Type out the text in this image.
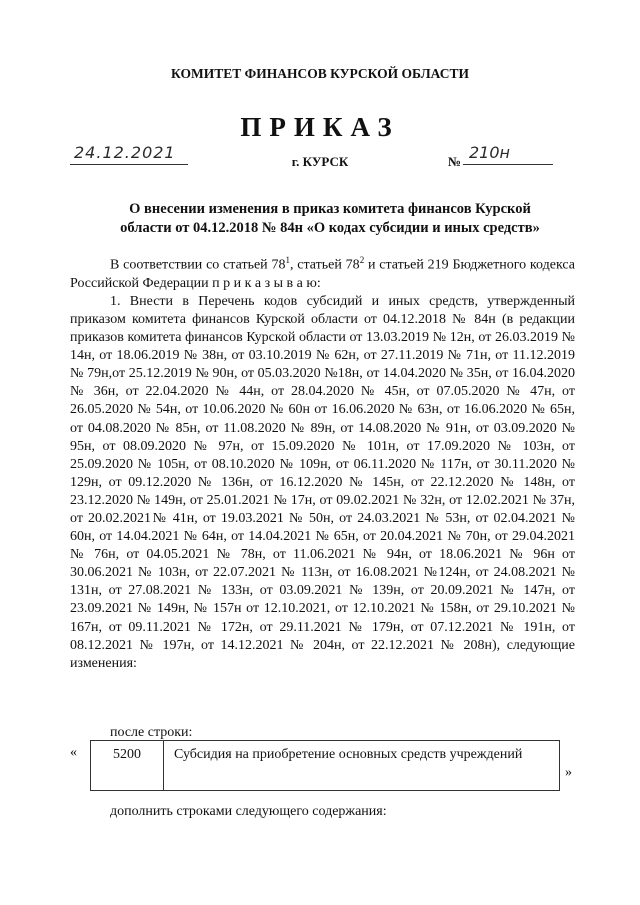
КОМИТЕТ ФИНАНСОВ КУРСКОЙ ОБЛАСТИ
ПРИКАЗ
24.12.2021	г. КУРСК	№ 210н
О внесении изменения в приказ комитета финансов Курской
области от 04.12.2018 № 84н «О кодах субсидии и иных средств»

В соответствии со статьей $78^1$, статьей $78^2$ и статьей 219 Бюджетного кодекса Российской Федерации п р и к а з ы в а ю:

1. Внести в Перечень кодов субсидий и иных средств, утвержденный приказом комитета финансов Курской области от 04.12.2018 № 84н (в редакции приказов комитета финансов Курской области от 13.03.2019 № 12н, от 26.03.2019 № 14н, от 18.06.2019 № 38н, от 03.10.2019 № 62н, от 27.11.2019 № 71н, от 11.12.2019 № 79н,от 25.12.2019 № 90н, от 05.03.2020 №18н, от 14.04.2020 № 35н, от 16.04.2020 № 36н, от 22.04.2020 № 44н, от 28.04.2020 № 45н, от 07.05.2020 № 47н, от 26.05.2020 № 54н, от 10.06.2020 № 60н от 16.06.2020 № 63н, от 16.06.2020 № 65н, от 04.08.2020 № 85н, от 11.08.2020 № 89н, от 14.08.2020 № 91н, от 03.09.2020 № 95н, от 08.09.2020 № 97н, от 15.09.2020 № 101н, от 17.09.2020 № 103н, от 25.09.2020 № 105н, от 08.10.2020 № 109н, от 06.11.2020 № 117н, от 30.11.2020 № 129н, от 09.12.2020 № 136н, от 16.12.2020 № 145н, от 22.12.2020 № 148н, от 23.12.2020 № 149н, от 25.01.2021 № 17н, от 09.02.2021 № 32н, от 12.02.2021 № 37н, от 20.02.2021№ 41н, от 19.03.2021 № 50н, от 24.03.2021 № 53н, от 02.04.2021 № 60н, от 14.04.2021 № 64н, от 14.04.2021 № 65н, от 20.04.2021 № 70н, от 29.04.2021 № 76н, от 04.05.2021 № 78н, от 11.06.2021 № 94н, от 18.06.2021 № 96н от 30.06.2021 № 103н, от 22.07.2021 № 113н, от 16.08.2021 №124н, от 24.08.2021 № 131н, от 27.08.2021 № 133н, от 03.09.2021 № 139н, от 20.09.2021 № 147н, от 23.09.2021 № 149н, № 157н от 12.10.2021, от 12.10.2021 № 158н, от 29.10.2021 № 167н, от 09.11.2021 № 172н, от 29.11.2021 № 179н, от 07.12.2021 № 191н, от 08.12.2021 № 197н, от 14.12.2021 № 204н, от 22.12.2021 № 208н), следующие изменения:

после строки:
«	5200	Субсидия на приобретение основных средств учреждений
»
дополнить строками следующего содержания:
